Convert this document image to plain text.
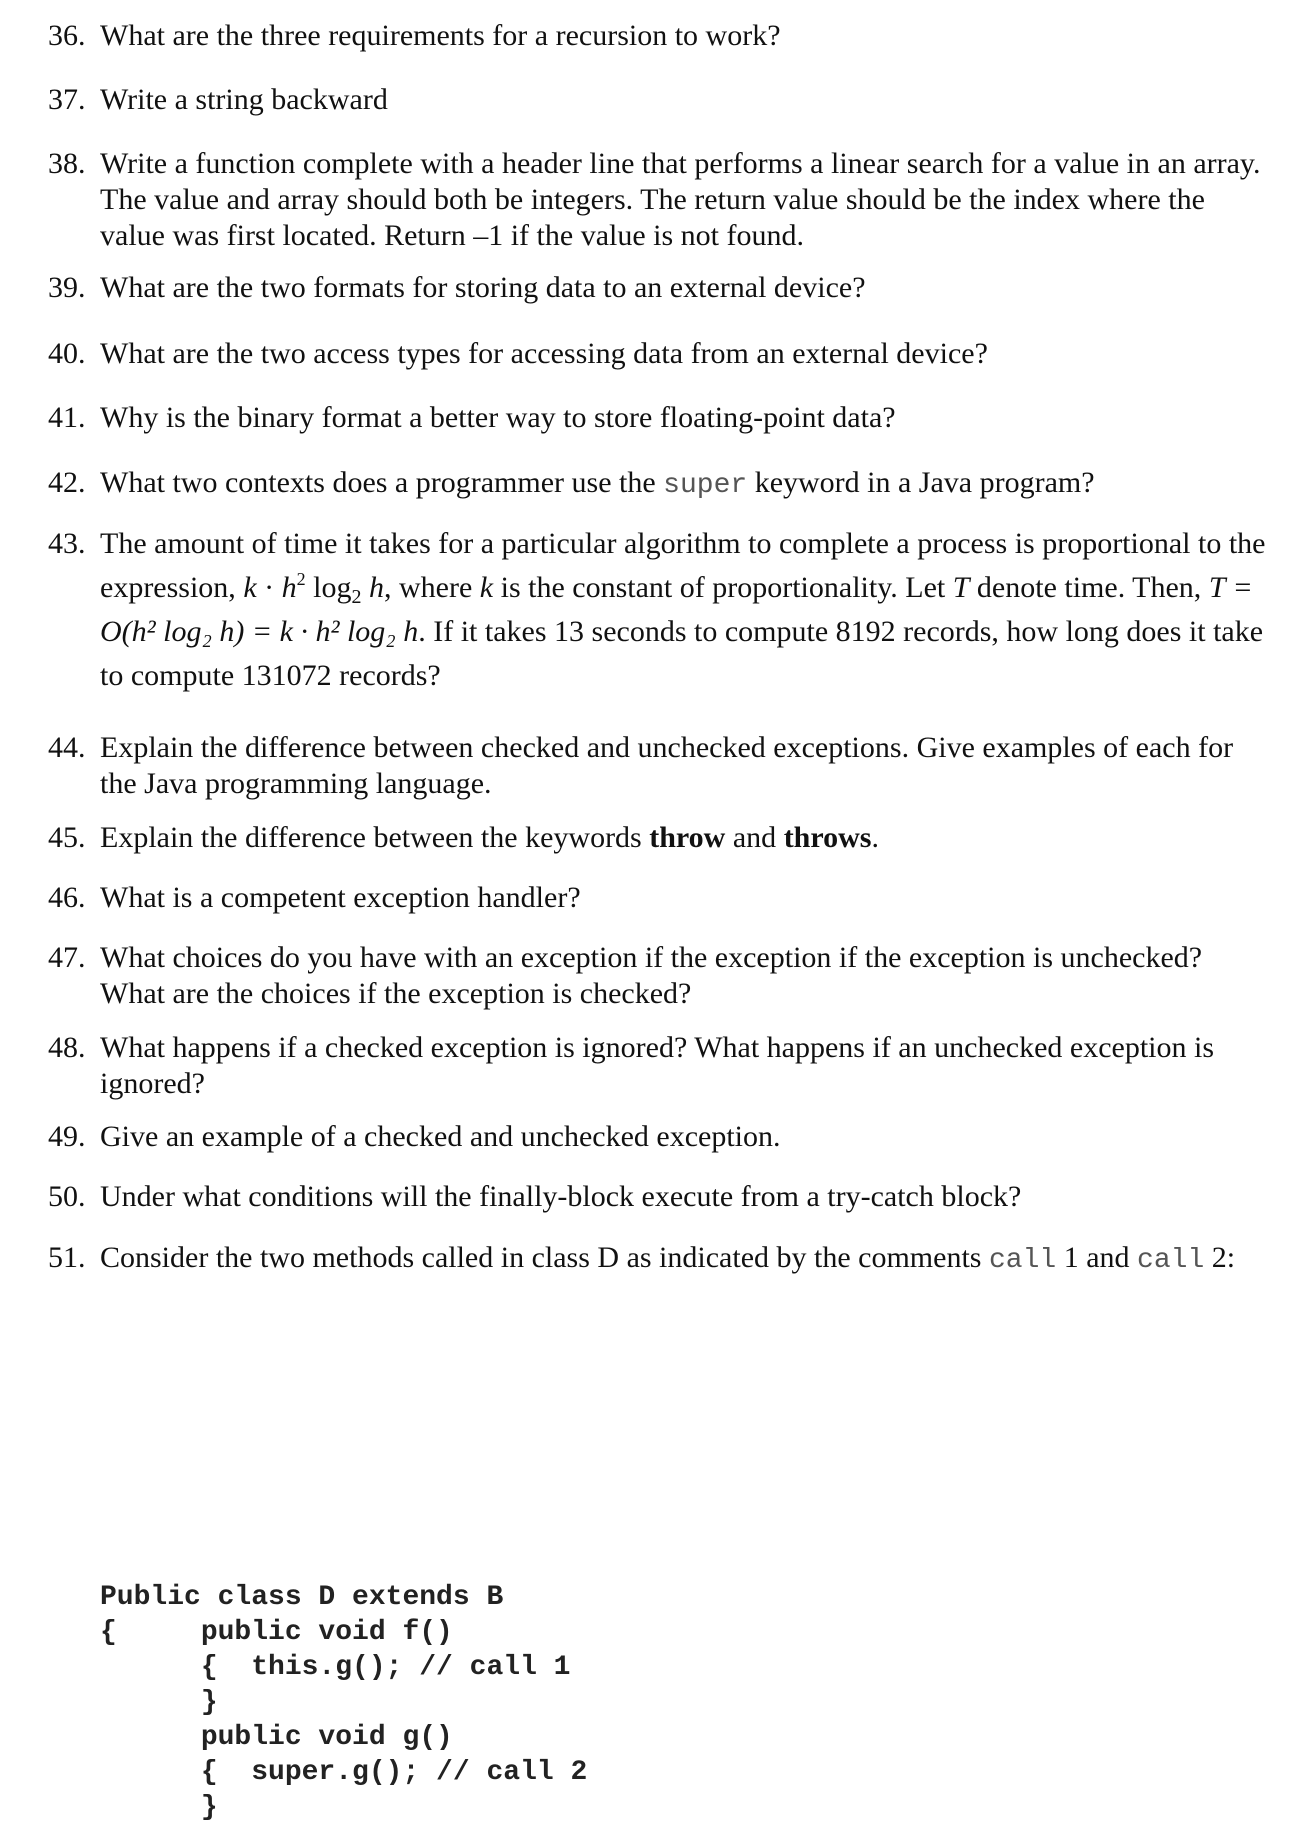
36. What are the three requirements for a recursion to work?
37. Write a string backward
38. Write a function complete with a header line that performs a linear search for a value in an array. The value and array should both be integers. The return value should be the index where the value was first located. Return –1 if the value is not found.
39. What are the two formats for storing data to an external device?
40. What are the two access types for accessing data from an external device?
41. Why is the binary format a better way to store floating-point data?
42. What two contexts does a programmer use the super keyword in a Java program?
43. The amount of time it takes for a particular algorithm to complete a process is proportional to the expression, $k \cdot h^2$ $\log_2 h$, where k is the constant of proportionality. Let T denote time. Then, T = O(h² log₂ h) = k · h² log₂ h. If it takes 13 seconds to compute 8192 records, how long does it take to compute 131072 records?
44. Explain the difference between checked and unchecked exceptions. Give examples of each for the Java programming language.
45. Explain the difference between the keywords throw and throws.
46. What is a competent exception handler?
47. What choices do you have with an exception if the exception if the exception is unchecked? What are the choices if the exception is checked?
48. What happens if a checked exception is ignored? What happens if an unchecked exception is ignored?
49. Give an example of a checked and unchecked exception.
50. Under what conditions will the finally-block execute from a try-catch block?
51. Consider the two methods called in class D as indicated by the comments call 1 and call 2:
Public class D extends B
{     public void f()
{  this.g(); // call 1
}
public void g()
{  super.g(); // call 2
}
